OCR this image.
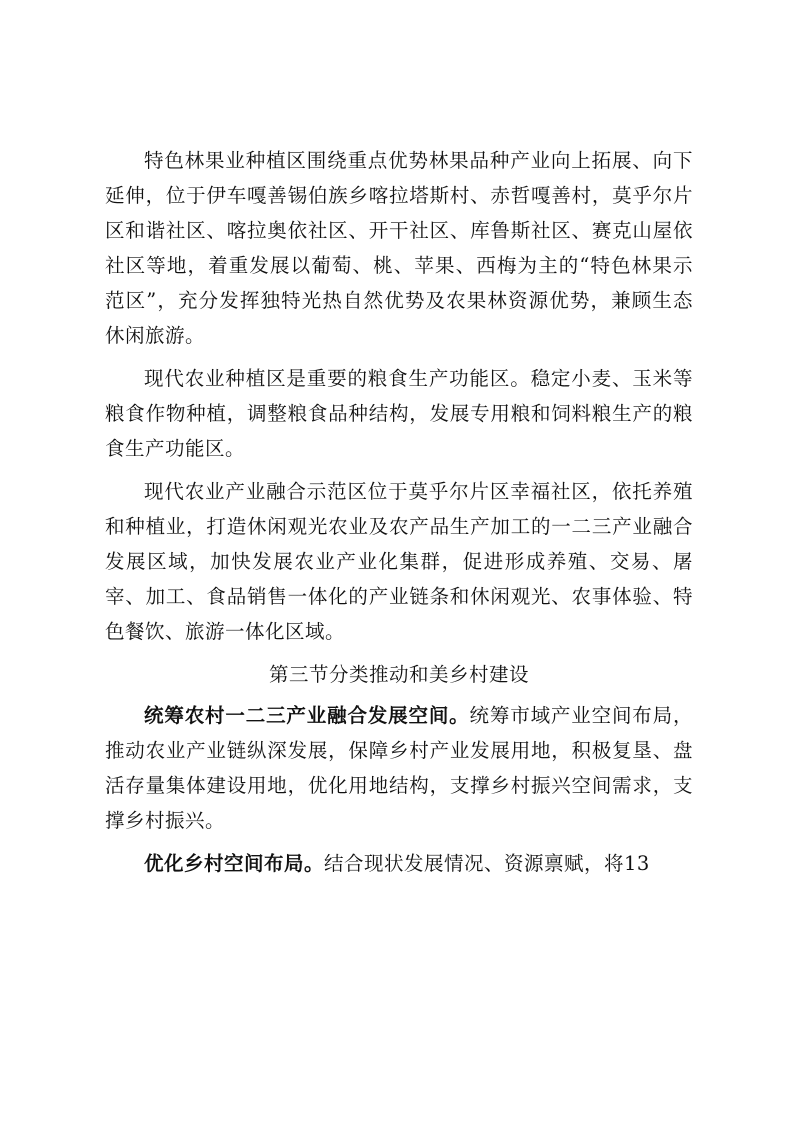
特色林果业种植区围绕重点优势林果品种产业向上拓展、向下延伸，位于伊车嘎善锡伯族乡喀拉塔斯村、赤哲嘎善村，莫乎尔片区和谐社区、喀拉奥依社区、开干社区、库鲁斯社区、赛克山屋依社区等地，着重发展以葡萄、桃、苹果、西梅为主的“特色林果示范区”，充分发挥独特光热自然优势及农果林资源优势，兼顾生态休闲旅游。

现代农业种植区是重要的粮食生产功能区。稳定小麦、玉米等粮食作物种植，调整粮食品种结构，发展专用粮和饲料粮生产的粮食生产功能区。

现代农业产业融合示范区位于莫乎尔片区幸福社区，依托养殖和种植业，打造休闲观光农业及农产品生产加工的一二三产业融合发展区域，加快发展农业产业化集群，促进形成养殖、交易、屠宰、加工、食品销售一体化的产业链条和休闲观光、农事体验、特色餐饮、旅游一体化区域。

第三节分类推动和美乡村建设

统筹农村一二三产业融合发展空间。统筹市域产业空间布局，推动农业产业链纵深发展，保障乡村产业发展用地，积极复垦、盘活存量集体建设用地，优化用地结构，支撑乡村振兴空间需求，支撑乡村振兴。

优化乡村空间布局。结合现状发展情况、资源禀赋，将13
